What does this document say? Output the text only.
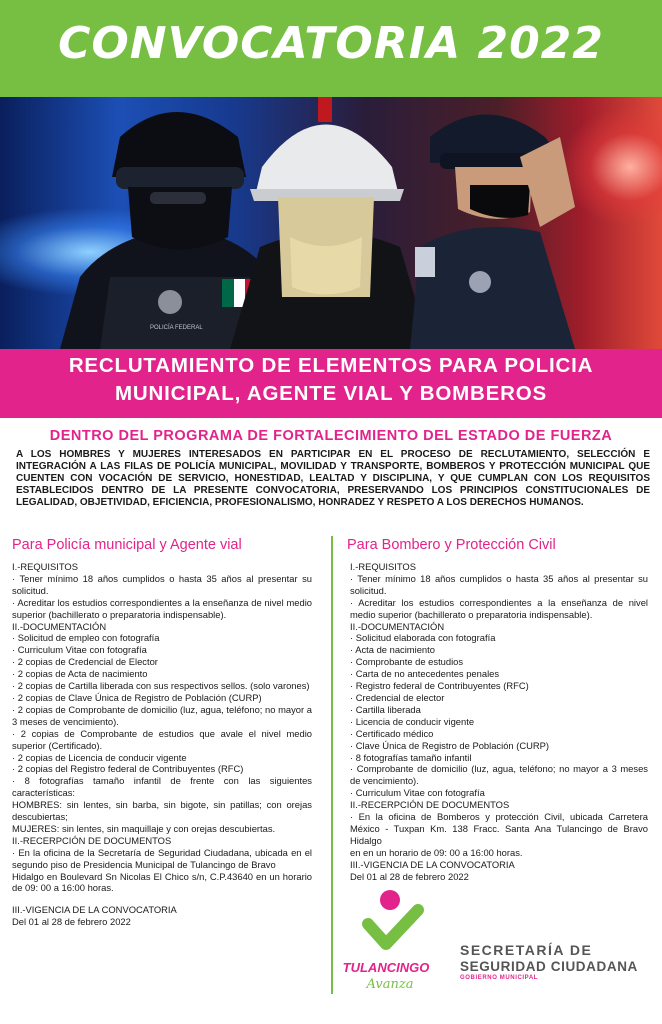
CONVOCATORIA 2022
POLICÍA FEDERAL
RECLUTAMIENTO DE ELEMENTOS PARA POLICIA
MUNICIPAL, AGENTE VIAL Y BOMBEROS
DENTRO DEL PROGRAMA DE FORTALECIMIENTO DEL ESTADO DE FUERZA
A LOS HOMBRES Y MUJERES INTERESADOS EN PARTICIPAR EN EL PROCESO DE RECLUTAMIENTO, SELECCIÓN E INTEGRACIÓN A LAS FILAS DE POLICÍA MUNICIPAL, MOVILIDAD Y TRANSPORTE, BOMBEROS Y PROTECCIÓN MUNICIPAL QUE CUENTEN CON VOCACIÓN DE SERVICIO, HONESTIDAD, LEALTAD Y DISCIPLINA, Y QUE CUMPLAN CON LOS REQUISITOS ESTABLECIDOS DENTRO DE LA PRESENTE CONVOCATORIA, PRESERVANDO LOS PRINCIPIOS CONSTITUCIONALES DE LEGALIDAD, OBJETIVIDAD, EFICIENCIA, PROFESIONALISMO, HONRADEZ Y RESPETO A LOS DERECHOS HUMANOS.
Para Policía municipal y Agente vial	Para Bombero y Protección Civil

I.-REQUISITOS

· Tener mínimo 18 años cumplidos o hasta 35 años al presentar su solicitud.

· Acreditar los estudios correspondientes a la enseñanza de nivel medio superior (bachillerato o preparatoria indispensable).

II.-DOCUMENTACIÓN

· Solicitud de empleo con fotografía

· Curriculum Vitae con fotografía

· 2 copias de Credencial de Elector

· 2 copias de Acta de nacimiento

· 2 copias de Cartilla liberada con sus respectivos sellos. (solo varones)

· 2 copias de Clave Única de Registro de Población (CURP)

· 2 copias de Comprobante de domicilio (luz, agua, teléfono; no mayor a 3 meses de vencimiento).

· 2 copias de Comprobante de estudios que avale el nivel medio superior (Certificado).

· 2 copias de Licencia de conducir vigente

· 2 copias del Registro federal de Contribuyentes (RFC)

· 8 fotografías tamaño infantil de frente con las siguientes características:

HOMBRES: sin lentes, sin barba, sin bigote, sin patillas; con orejas descubiertas;

MUJERES: sin lentes, sin maquillaje y con orejas descubiertas.

II.-RECERPCIÓN DE DOCUMENTOS

· En la oficina de la Secretaría de Seguridad Ciudadana, ubicada en el segundo piso de Presidencia Municipal de Tulancingo de Bravo

Hidalgo en Boulevard Sn Nicolas El Chico s/n, C.P.43640 en un horario de 09: 00 a 16:00 horas.

III.-VIGENCIA DE LA CONVOCATORIA

Del 01 al 28 de febrero 2022

I.-REQUISITOS

· Tener mínimo 18 años cumplidos o hasta 35 años al presentar su solicitud.

· Acreditar los estudios correspondientes a la enseñanza de nivel medio superior (bachillerato o preparatoria indispensable).

II.-DOCUMENTACIÓN

· Solicitud elaborada con fotografía

· Acta de nacimiento

· Comprobante de estudios

· Carta de no antecedentes penales

· Registro federal de Contribuyentes (RFC)

· Credencial de elector

· Cartilla liberada

· Licencia de conducir vigente

· Certificado médico

· Clave Única de Registro de Población (CURP)

· 8 fotografías tamaño infantil

· Comprobante de domicilio (luz, agua, teléfono; no mayor a 3 meses de vencimiento).

· Curriculum Vitae con fotografía

II.-RECERPCIÓN DE DOCUMENTOS

· En la oficina de Bomberos y protección Civil, ubicada Carretera México - Tuxpan Km. 138 Fracc. Santa Ana Tulancingo de Bravo Hidalgo

en en un horario de 09: 00 a 16:00 horas.

III.-VIGENCIA DE LA CONVOCATORIA

Del 01 al 28 de febrero 2022

TULANCINGO
Avanza
SECRETARÍA DE
SEGURIDAD CIUDADANA
GOBIERNO MUNICIPAL
